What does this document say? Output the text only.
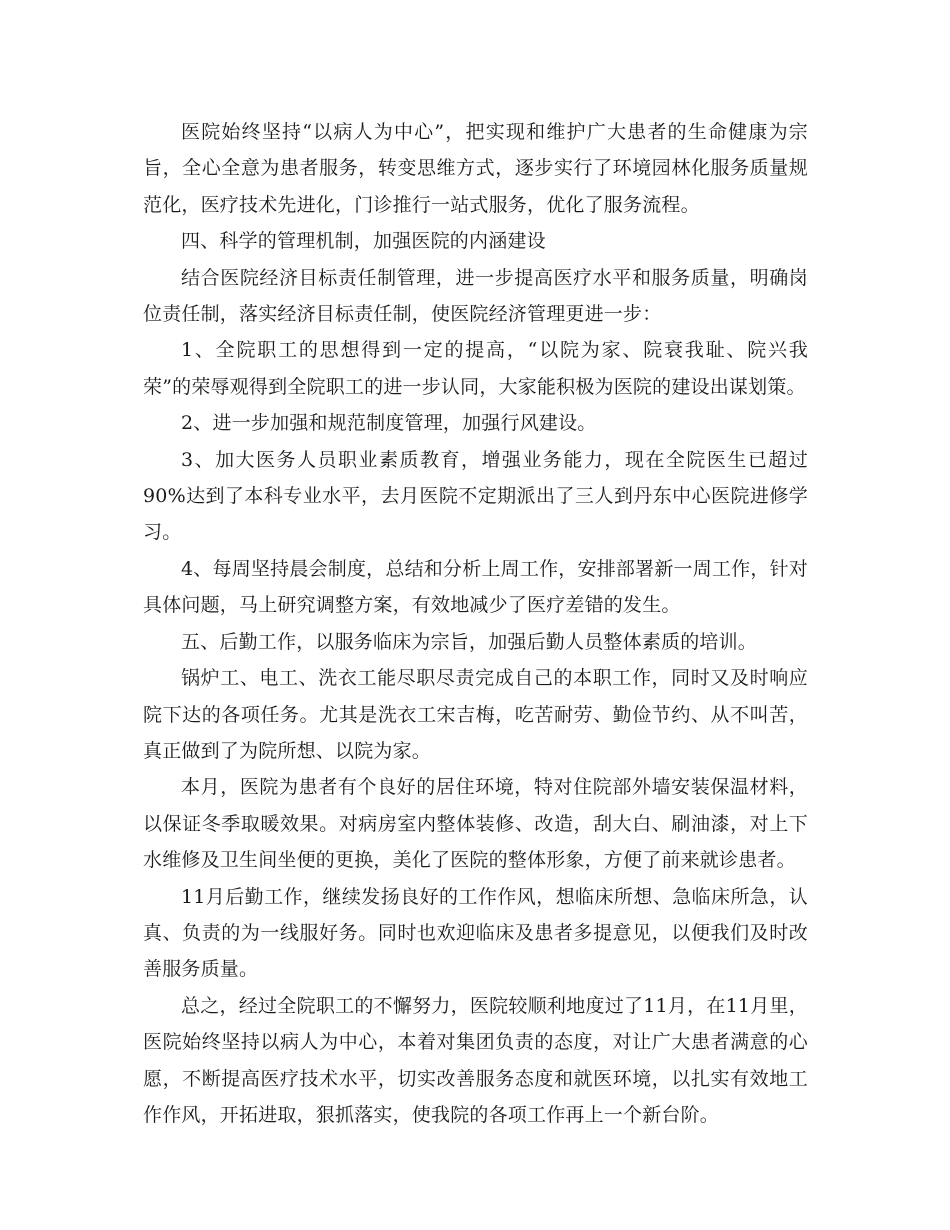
医院始终坚持“以病人为中心”，把实现和维护广大患者的生命健康为宗旨，全心全意为患者服务，转变思维方式，逐步实行了环境园林化服务质量规范化，医疗技术先进化，门诊推行一站式服务，优化了服务流程。

四、科学的管理机制，加强医院的内涵建设

结合医院经济目标责任制管理，进一步提高医疗水平和服务质量，明确岗位责任制，落实经济目标责任制，使医院经济管理更进一步：

1、全院职工的思想得到一定的提高，“以院为家、院衰我耻、院兴我荣”的荣辱观得到全院职工的进一步认同，大家能积极为医院的建设出谋划策。

2、进一步加强和规范制度管理，加强行风建设。

3、加大医务人员职业素质教育，增强业务能力，现在全院医生已超过90%达到了本科专业水平，去月医院不定期派出了三人到丹东中心医院进修学习。

4、每周坚持晨会制度，总结和分析上周工作，安排部署新一周工作，针对具体问题，马上研究调整方案，有效地减少了医疗差错的发生。

五、后勤工作，以服务临床为宗旨，加强后勤人员整体素质的培训。

锅炉工、电工、洗衣工能尽职尽责完成自己的本职工作，同时又及时响应院下达的各项任务。尤其是洗衣工宋吉梅，吃苦耐劳、勤俭节约、从不叫苦，真正做到了为院所想、以院为家。

本月，医院为患者有个良好的居住环境，特对住院部外墙安装保温材料，以保证冬季取暖效果。对病房室内整体装修、改造，刮大白、刷油漆，对上下水维修及卫生间坐便的更换，美化了医院的整体形象，方便了前来就诊患者。

11月后勤工作，继续发扬良好的工作作风，想临床所想、急临床所急，认真、负责的为一线服好务。同时也欢迎临床及患者多提意见，以便我们及时改善服务质量。

总之，经过全院职工的不懈努力，医院较顺利地度过了11月，在11月里，医院始终坚持以病人为中心，本着对集团负责的态度，对让广大患者满意的心愿，不断提高医疗技术水平，切实改善服务态度和就医环境，以扎实有效地工作作风，开拓进取，狠抓落实，使我院的各项工作再上一个新台阶。
